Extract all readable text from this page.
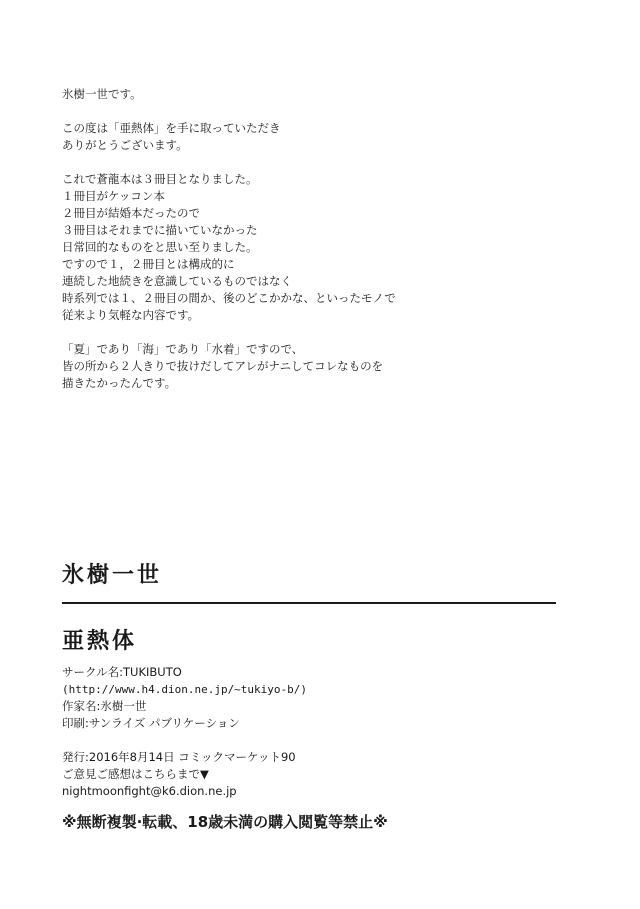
氷樹一世です。

この度は「亜熱体」を手に取っていただき

ありがとうございます。

これで蒼龍本は３冊目となりました。

１冊目がケッコン本

２冊目が結婚本だったので

３冊目はそれまでに描いていなかった

日常回的なものをと思い至りました。

ですので１，２冊目とは構成的に

連続した地続きを意識しているものではなく

時系列では１、２冊目の間か、後のどこかかな、といったモノで

従来より気軽な内容です。

「夏」であり「海」であり「水着」ですので、

皆の所から２人きりで抜けだしてアレがナニしてコレなものを

描きたかったんです。

氷樹一世
亜熱体

サークル名:TUKIBUTO

(http://www.h4.dion.ne.jp/~tukiyo-b/)

作家名:氷樹一世

印刷:サンライズ パブリケーション

発行:2016年8月14日 コミックマーケット90

ご意見ご感想はこちらまで▼

nightmoonfight@k6.dion.ne.jp

※無断複製·転載、18歳未満の購入閲覧等禁止※
